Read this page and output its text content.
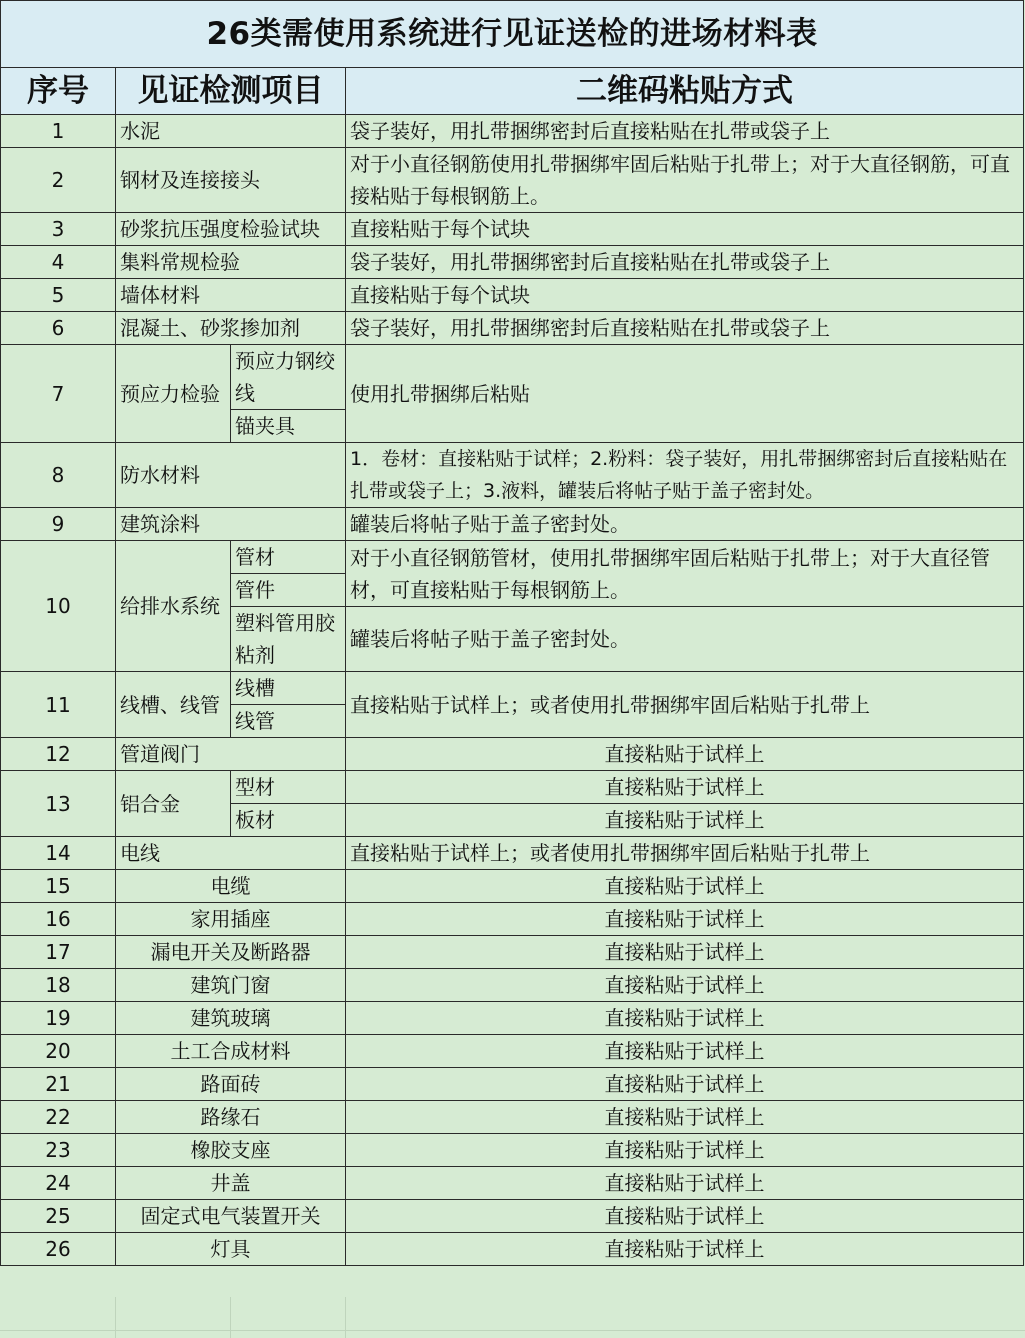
26类需使用系统进行见证送检的进场材料表			
序号	见证检测项目		二维码粘贴方式
1	水泥		袋子装好，用扎带捆绑密封后直接粘贴在扎带或袋子上
2	钢材及连接接头		对于小直径钢筋使用扎带捆绑牢固后粘贴于扎带上；对于大直径钢筋，可直接粘贴于每根钢筋上。
3	砂浆抗压强度检验试块		直接粘贴于每个试块
4	集料常规检验		袋子装好，用扎带捆绑密封后直接粘贴在扎带或袋子上
5	墙体材料		直接粘贴于每个试块
6	混凝土、砂浆掺加剂		袋子装好，用扎带捆绑密封后直接粘贴在扎带或袋子上
7	预应力检验	预应力钢绞线	使用扎带捆绑后粘贴
		锚夹具	
8	防水材料		1．卷材：直接粘贴于试样；2.粉料：袋子装好，用扎带捆绑密封后直接粘贴在扎带或袋子上；3.液料，罐装后将帖子贴于盖子密封处。
9	建筑涂料		罐装后将帖子贴于盖子密封处。
10	给排水系统	管材	对于小直径钢筋管材，使用扎带捆绑牢固后粘贴于扎带上；对于大直径管材，可直接粘贴于每根钢筋上。
		管件	
		塑料管用胶粘剂	罐装后将帖子贴于盖子密封处。
11	线槽、线管	线槽	直接粘贴于试样上；或者使用扎带捆绑牢固后粘贴于扎带上
		线管	
12	管道阀门		直接粘贴于试样上
13	铝合金	型材	直接粘贴于试样上
		板材	直接粘贴于试样上
14	电线		直接粘贴于试样上；或者使用扎带捆绑牢固后粘贴于扎带上
15	电缆		直接粘贴于试样上
16	家用插座		直接粘贴于试样上
17	漏电开关及断路器		直接粘贴于试样上
18	建筑门窗		直接粘贴于试样上
19	建筑玻璃		直接粘贴于试样上
20	土工合成材料		直接粘贴于试样上
21	路面砖		直接粘贴于试样上
22	路缘石		直接粘贴于试样上
23	橡胶支座		直接粘贴于试样上
24	井盖		直接粘贴于试样上
25	固定式电气装置开关		直接粘贴于试样上
26	灯具		直接粘贴于试样上
